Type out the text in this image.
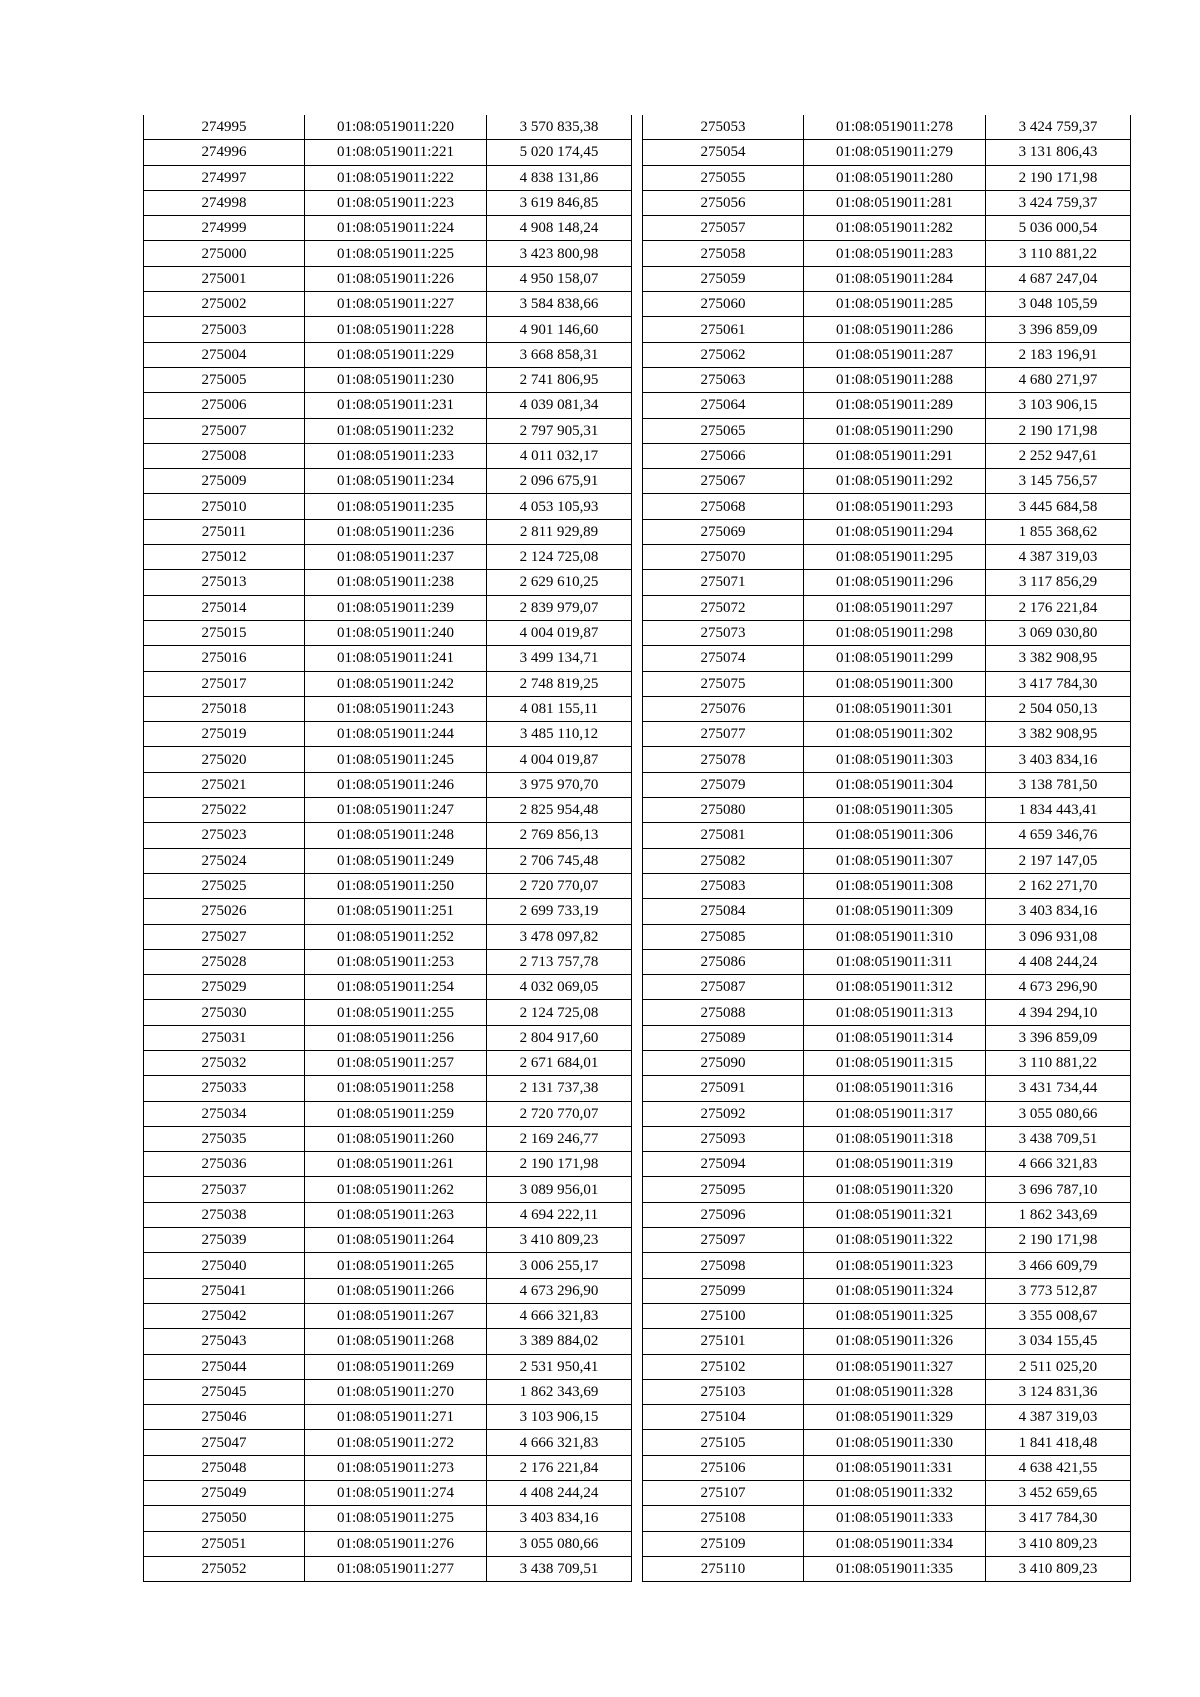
274995	01:08:0519011:220	3 570 835,38
274996	01:08:0519011:221	5 020 174,45
274997	01:08:0519011:222	4 838 131,86
274998	01:08:0519011:223	3 619 846,85
274999	01:08:0519011:224	4 908 148,24
275000	01:08:0519011:225	3 423 800,98
275001	01:08:0519011:226	4 950 158,07
275002	01:08:0519011:227	3 584 838,66
275003	01:08:0519011:228	4 901 146,60
275004	01:08:0519011:229	3 668 858,31
275005	01:08:0519011:230	2 741 806,95
275006	01:08:0519011:231	4 039 081,34
275007	01:08:0519011:232	2 797 905,31
275008	01:08:0519011:233	4 011 032,17
275009	01:08:0519011:234	2 096 675,91
275010	01:08:0519011:235	4 053 105,93
275011	01:08:0519011:236	2 811 929,89
275012	01:08:0519011:237	2 124 725,08
275013	01:08:0519011:238	2 629 610,25
275014	01:08:0519011:239	2 839 979,07
275015	01:08:0519011:240	4 004 019,87
275016	01:08:0519011:241	3 499 134,71
275017	01:08:0519011:242	2 748 819,25
275018	01:08:0519011:243	4 081 155,11
275019	01:08:0519011:244	3 485 110,12
275020	01:08:0519011:245	4 004 019,87
275021	01:08:0519011:246	3 975 970,70
275022	01:08:0519011:247	2 825 954,48
275023	01:08:0519011:248	2 769 856,13
275024	01:08:0519011:249	2 706 745,48
275025	01:08:0519011:250	2 720 770,07
275026	01:08:0519011:251	2 699 733,19
275027	01:08:0519011:252	3 478 097,82
275028	01:08:0519011:253	2 713 757,78
275029	01:08:0519011:254	4 032 069,05
275030	01:08:0519011:255	2 124 725,08
275031	01:08:0519011:256	2 804 917,60
275032	01:08:0519011:257	2 671 684,01
275033	01:08:0519011:258	2 131 737,38
275034	01:08:0519011:259	2 720 770,07
275035	01:08:0519011:260	2 169 246,77
275036	01:08:0519011:261	2 190 171,98
275037	01:08:0519011:262	3 089 956,01
275038	01:08:0519011:263	4 694 222,11
275039	01:08:0519011:264	3 410 809,23
275040	01:08:0519011:265	3 006 255,17
275041	01:08:0519011:266	4 673 296,90
275042	01:08:0519011:267	4 666 321,83
275043	01:08:0519011:268	3 389 884,02
275044	01:08:0519011:269	2 531 950,41
275045	01:08:0519011:270	1 862 343,69
275046	01:08:0519011:271	3 103 906,15
275047	01:08:0519011:272	4 666 321,83
275048	01:08:0519011:273	2 176 221,84
275049	01:08:0519011:274	4 408 244,24
275050	01:08:0519011:275	3 403 834,16
275051	01:08:0519011:276	3 055 080,66
275052	01:08:0519011:277	3 438 709,51
275053	01:08:0519011:278	3 424 759,37
275054	01:08:0519011:279	3 131 806,43
275055	01:08:0519011:280	2 190 171,98
275056	01:08:0519011:281	3 424 759,37
275057	01:08:0519011:282	5 036 000,54
275058	01:08:0519011:283	3 110 881,22
275059	01:08:0519011:284	4 687 247,04
275060	01:08:0519011:285	3 048 105,59
275061	01:08:0519011:286	3 396 859,09
275062	01:08:0519011:287	2 183 196,91
275063	01:08:0519011:288	4 680 271,97
275064	01:08:0519011:289	3 103 906,15
275065	01:08:0519011:290	2 190 171,98
275066	01:08:0519011:291	2 252 947,61
275067	01:08:0519011:292	3 145 756,57
275068	01:08:0519011:293	3 445 684,58
275069	01:08:0519011:294	1 855 368,62
275070	01:08:0519011:295	4 387 319,03
275071	01:08:0519011:296	3 117 856,29
275072	01:08:0519011:297	2 176 221,84
275073	01:08:0519011:298	3 069 030,80
275074	01:08:0519011:299	3 382 908,95
275075	01:08:0519011:300	3 417 784,30
275076	01:08:0519011:301	2 504 050,13
275077	01:08:0519011:302	3 382 908,95
275078	01:08:0519011:303	3 403 834,16
275079	01:08:0519011:304	3 138 781,50
275080	01:08:0519011:305	1 834 443,41
275081	01:08:0519011:306	4 659 346,76
275082	01:08:0519011:307	2 197 147,05
275083	01:08:0519011:308	2 162 271,70
275084	01:08:0519011:309	3 403 834,16
275085	01:08:0519011:310	3 096 931,08
275086	01:08:0519011:311	4 408 244,24
275087	01:08:0519011:312	4 673 296,90
275088	01:08:0519011:313	4 394 294,10
275089	01:08:0519011:314	3 396 859,09
275090	01:08:0519011:315	3 110 881,22
275091	01:08:0519011:316	3 431 734,44
275092	01:08:0519011:317	3 055 080,66
275093	01:08:0519011:318	3 438 709,51
275094	01:08:0519011:319	4 666 321,83
275095	01:08:0519011:320	3 696 787,10
275096	01:08:0519011:321	1 862 343,69
275097	01:08:0519011:322	2 190 171,98
275098	01:08:0519011:323	3 466 609,79
275099	01:08:0519011:324	3 773 512,87
275100	01:08:0519011:325	3 355 008,67
275101	01:08:0519011:326	3 034 155,45
275102	01:08:0519011:327	2 511 025,20
275103	01:08:0519011:328	3 124 831,36
275104	01:08:0519011:329	4 387 319,03
275105	01:08:0519011:330	1 841 418,48
275106	01:08:0519011:331	4 638 421,55
275107	01:08:0519011:332	3 452 659,65
275108	01:08:0519011:333	3 417 784,30
275109	01:08:0519011:334	3 410 809,23
275110	01:08:0519011:335	3 410 809,23
